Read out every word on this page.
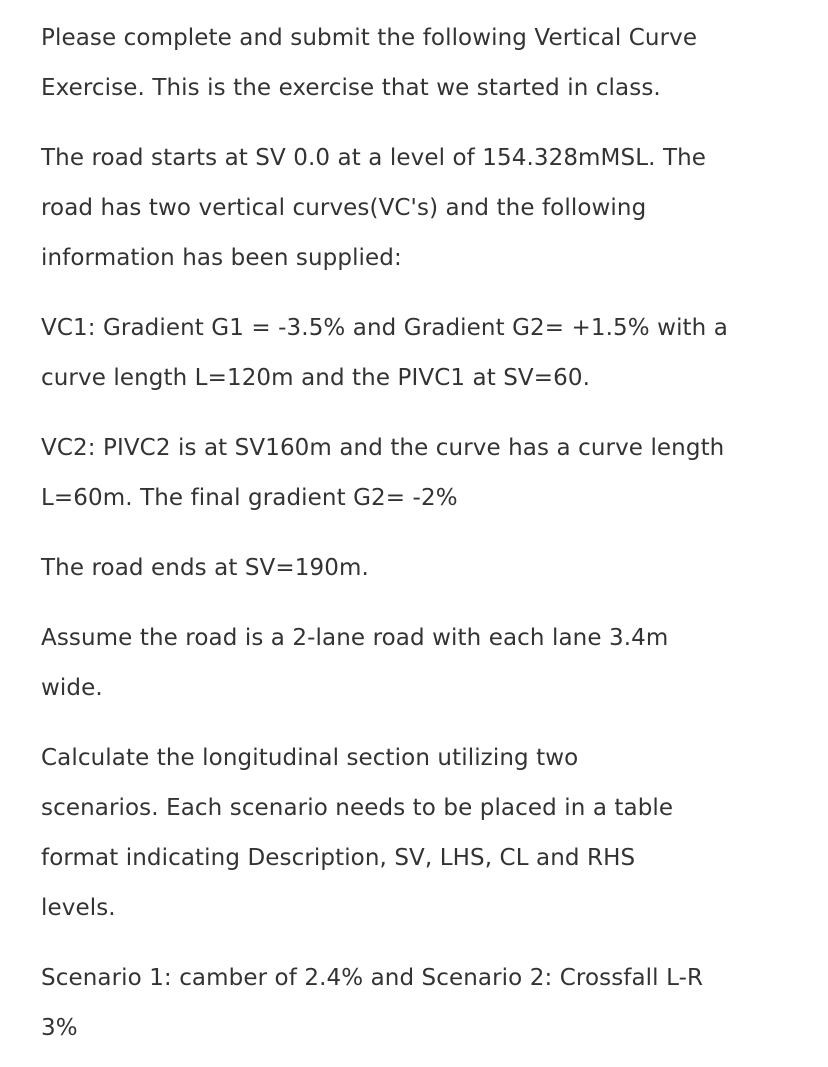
Please complete and submit the following Vertical Curve
Exercise. This is the exercise that we started in class.
The road starts at SV 0.0 at a level of 154.328mMSL. The
road has two vertical curves(VC's) and the following
information has been supplied:
VC1: Gradient G1 = -3.5% and Gradient G2= +1.5% with a
curve length L=120m and the PIVC1 at SV=60.
VC2: PIVC2 is at SV160m and the curve has a curve length
L=60m. The final gradient G2= -2%
The road ends at SV=190m.
Assume the road is a 2-lane road with each lane 3.4m
wide.
Calculate the longitudinal section utilizing two
scenarios. Each scenario needs to be placed in a table
format indicating Description, SV, LHS, CL and RHS
levels.
Scenario 1: camber of 2.4% and Scenario 2: Crossfall L-R
3%
